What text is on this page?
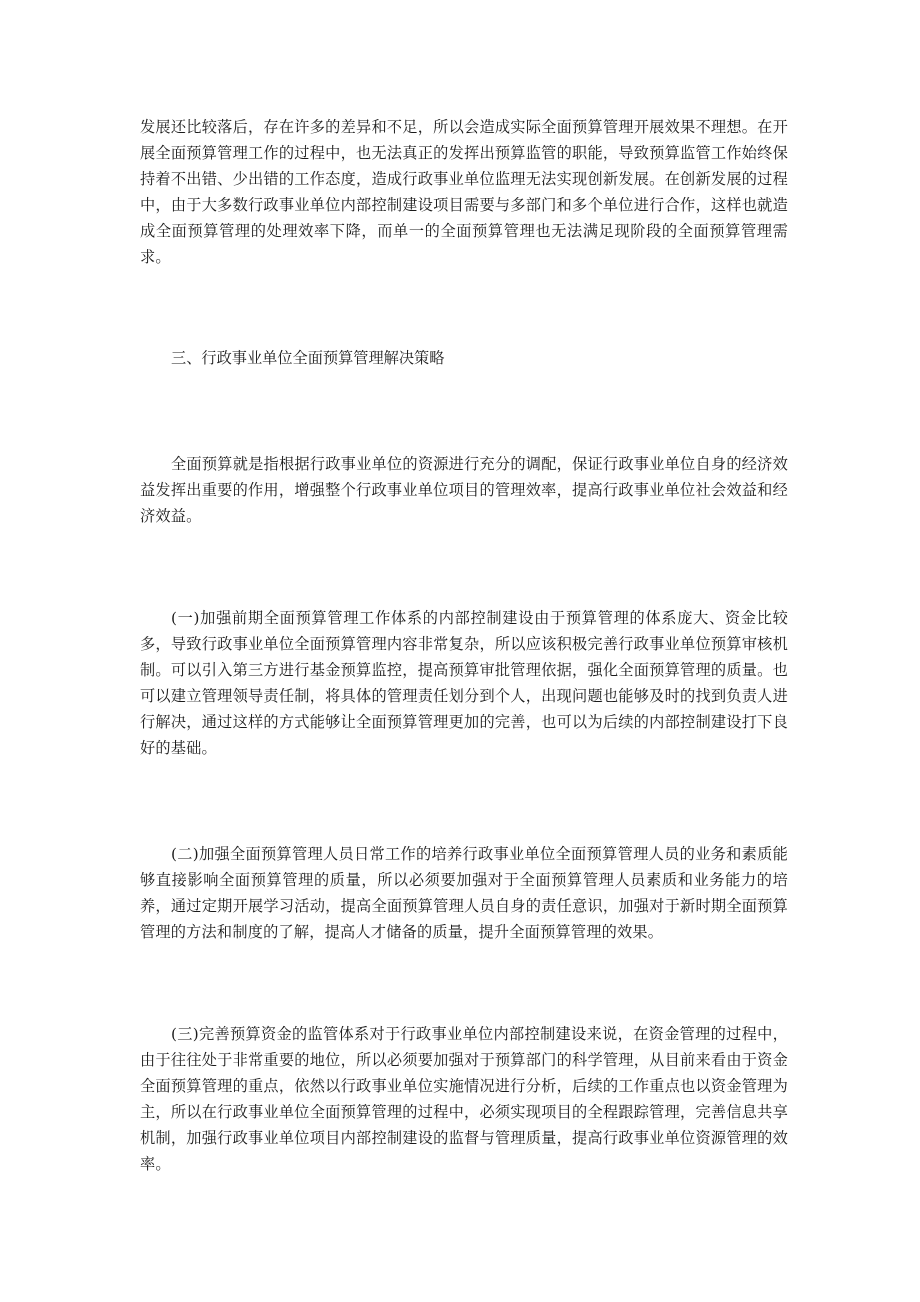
发展还比较落后，存在许多的差异和不足，所以会造成实际全面预算管理开展效果不理想。在开展全面预算管理工作的过程中，也无法真正的发挥出预算监管的职能，导致预算监管工作始终保持着不出错、少出错的工作态度，造成行政事业单位监理无法实现创新发展。在创新发展的过程中，由于大多数行政事业单位内部控制建设项目需要与多部门和多个单位进行合作，这样也就造成全面预算管理的处理效率下降，而单一的全面预算管理也无法满足现阶段的全面预算管理需求。

三、行政事业单位全面预算管理解决策略

全面预算就是指根据行政事业单位的资源进行充分的调配，保证行政事业单位自身的经济效益发挥出重要的作用，增强整个行政事业单位项目的管理效率，提高行政事业单位社会效益和经济效益。

(一)加强前期全面预算管理工作体系的内部控制建设由于预算管理的体系庞大、资金比较多，导致行政事业单位全面预算管理内容非常复杂，所以应该积极完善行政事业单位预算审核机制。可以引入第三方进行基金预算监控，提高预算审批管理依据，强化全面预算管理的质量。也可以建立管理领导责任制，将具体的管理责任划分到个人，出现问题也能够及时的找到负责人进行解决，通过这样的方式能够让全面预算管理更加的完善，也可以为后续的内部控制建设打下良好的基础。

(二)加强全面预算管理人员日常工作的培养行政事业单位全面预算管理人员的业务和素质能够直接影响全面预算管理的质量，所以必须要加强对于全面预算管理人员素质和业务能力的培养，通过定期开展学习活动，提高全面预算管理人员自身的责任意识，加强对于新时期全面预算管理的方法和制度的了解，提高人才储备的质量，提升全面预算管理的效果。

(三)完善预算资金的监管体系对于行政事业单位内部控制建设来说，在资金管理的过程中，由于往往处于非常重要的地位，所以必须要加强对于预算部门的科学管理，从目前来看由于资金全面预算管理的重点，依然以行政事业单位实施情况进行分析，后续的工作重点也以资金管理为主，所以在行政事业单位全面预算管理的过程中，必须实现项目的全程跟踪管理，完善信息共享机制，加强行政事业单位项目内部控制建设的监督与管理质量，提高行政事业单位资源管理的效率。
